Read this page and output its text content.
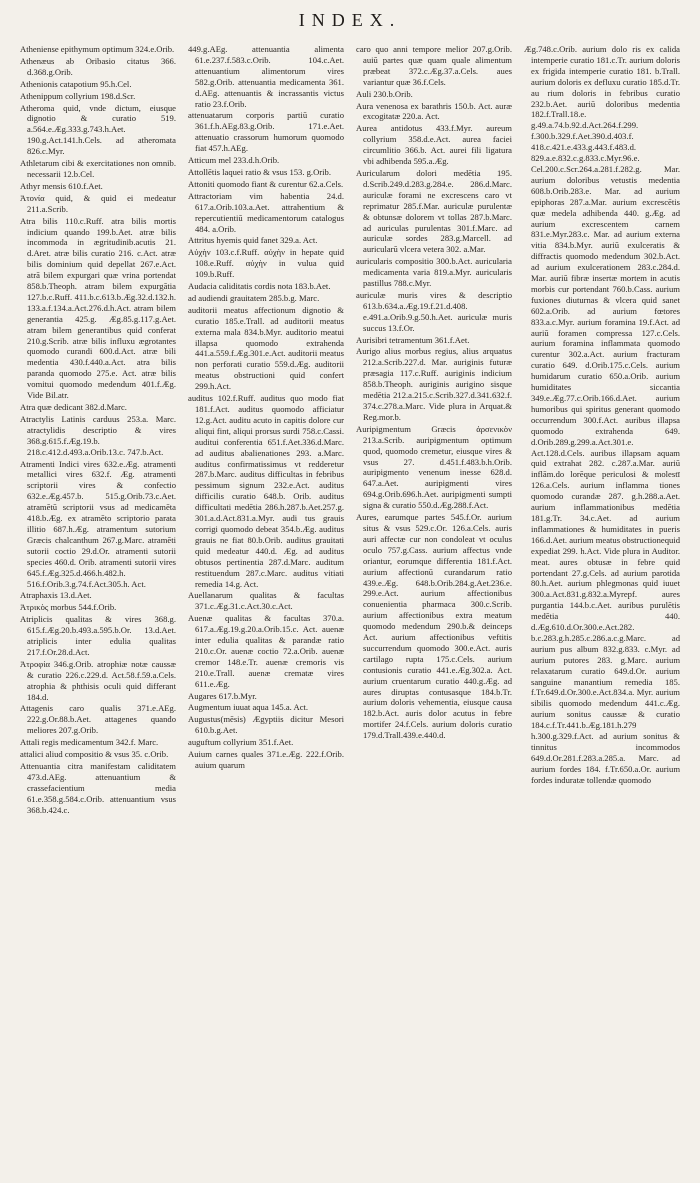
INDEX.

Atheniense epithymum optimum 324.e.Orib.

Athenæus ab Oribasio citatus 366. d.368.g.Orib.

Athenionis catapotium 95.h.Cel.

Athenippum collyrium 198.d.Scr.

Atheroma quid, vnde dictum, eiusque dignotio & curatio 519. a.564.e.Æg.333.g.743.h.Aet. 190.g.Act.141.h.Cels. ad atheromata 826.c.Myr.

Athletarum cibi & exercitationes non omnib. necessarii 12.b.Cel.

Athyr mensis 610.f.Aet.

Ἀτονία quid, & quid ei medeatur 211.a.Scrib.

Atra bilis 110.c.Ruff. atra bilis mortis indicium quando 199.b.Aet. atræ bilis incommoda in ægritudinib.acutis 21. d.Aret. atræ bilis curatio 216. c.Act. atræ bilis dominium quid depellat 267.e.Act. atrā bilem expurgari quæ vrina portendat 858.b.Theoph. atram bilem expurgātia 127.b.c.Ruff. 411.b.c.613.b.Æg.32.d.132.h. 133.a.f.134.a.Act.276.d.h.Act. atram bilem generantia 425.g. Æg.85.g.117.g.Aet. atram bilem generantibus quid conferat 210.g.Scrib. atræ bilis influxu ægrotantes quomodo curandi 600.d.Act. atræ bili medentia 430.f.440.a.Act. atra bilis paranda quomodo 275.e. Act. atræ bilis vomitui quomodo medendum 401.f.Æg. Vide Bil.atr.

Atra quæ dedicant 382.d.Marc.

Atractylis Latinis carduus 253.a. Marc. atractylidis descriptio & vires 368.g.615.f.Æg.19.b. 218.c.412.d.493.a.Orib.13.c. 747.b.Act.

Atramenti Indici vires 632.e.Æg. atramenti metallici vires 632.f. Æg. atramenti scriptorii vires & confectio 632.e.Æg.457.b. 515.g.Orib.73.c.Aet. atramētū scriptorii vsus ad medicamēta 418.b.Æg. ex atramēto scriptorio parata illitio 687.h.Æg. atramentum sutorium Græcis chalcanthum 267.g.Marc. atramēti sutorii coctio 29.d.Or. atramenti sutorii species 460.d. Orib. atramenti sutorii vires 645.f.Æg.325.d.466.h.482.h. 516.f.Orib.3.g.74.f.Act.305.h. Act.

Atraphaxis 13.d.Aet.

Ἀτρικὸς morbus 544.f.Orib.

Atriplicis qualitas & vires 368.g. 615.f.Æg.20.b.493.a.595.b.Or. 13.d.Aet. atriplicis inter edulia qualitas 217.f.Or.28.d.Act.

Ἀτροφία 346.g.Orib. atrophiæ notæ caussæ & curatio 226.c.229.d. Act.58.f.59.a.Cels. atrophia & phthisis oculi quid differant 184.d.

Attagenis caro qualis 371.e.AEg. 222.g.Or.88.b.Aet. attagenes quando meliores 207.g.Orib.

Attali regis medicamentum 342.f. Marc.

attalici aliud compositio & vsus 35. c.Orib.

Attenuantia citra manifestam caliditatem 473.d.AEg. attenuantium & crassefacientium media 61.e.358.g.584.c.Orib. attenuantium vsus 368.b.424.c.

449.g.AEg. attenuantia alimenta 61.e.237.f.583.c.Orib. 104.c.Aet. attenuantium alimentorum vires 582.g.Orib. attenuantia medicamenta 361. d.AEg. attenuantis & incrassantis victus ratio 23.f.Orib.

attenuatarum corporis partiū curatio 361.f.h.AEg.83.g.Orib. 171.e.Aet. attenuatio crassorum humorum quomodo fiat 457.h.AEg.

Atticum mel 233.d.h.Orib.

Attollētis laquei ratio & vsus 153. g.Orib.

Attoniti quomodo fiant & curentur 62.a.Cels.

Attractoriam vim habentia 24.d. 617.a.Orib.103.a.Aet. attrahentium & repercutientiū medicamentorum catalogus 484. a.Orib.

Attritus hyemis quid fanet 329.a. Act.

Αὐχὴν 103.c.f.Ruff. αὐχὴν in hepate quid 108.e.Ruff. αὐχὴν in vulua quid 109.b.Ruff.

Audacia caliditatis cordis nota 183.b.Aet.

ad audiendi grauitatem 285.b.g. Marc.

auditorii meatus affectionum dignotio & curatio 185.e.Trall. ad auditorii meatus externa mala 834.b.Myr. auditorio meatui illapsa quomodo extrahenda 441.a.559.f.Æg.301.e.Act. auditorii meatus non perforati curatio 559.d.Æg. auditorii meatus obstructioni quid confert 299.h.Act.

auditus 102.f.Ruff. auditus quo modo fiat 181.f.Act. auditus quomodo afficiatur 12.g.Act. auditu acuto in capitis dolore cur aliqui fint, aliqui prorsus surdi 758.c.Cassi. auditui conferentia 651.f.Aet.336.d.Marc. ad auditus abalienationes 293. a.Marc. auditus confirmatissimus vt redderetur 287.b.Marc. auditus difficultas in febribus pessimum signum 232.e.Act. auditus difficilis curatio 648.b. Orib. auditus difficultati medētia 286.h.287.b.Aet.257.g. 301.a.d.Act.831.a.Myr. audi tus grauis corrigi quomodo debeat 354.b.Æg. auditus grauis ne fiat 80.b.Orib. auditus grauitati quid medeatur 440.d. Æg. ad auditus obtusos pertinentia 287.d.Marc. auditum restituendum 287.c.Marc. auditus vitiati remedia 14.g. Act.

Auellanarum qualitas & facultas 371.c.Æg.31.c.Act.30.c.Act.

Auenæ qualitas & facultas 370.a. 617.a.Æg.19.g.20.a.Orib.15.c. Act. auenæ inter edulia qualitas & parandæ ratio 210.c.Or. auenæ coctio 72.a.Orib. auenæ cremor 148.e.Tr. auenæ cremoris vis 210.e.Trall. auenæ crematæ vires 611.e.Æg.

Augares 617.b.Myr.

Augmentum iuuat aqua 145.a. Act.

Augustus(mēsis) Ægyptiis dicitur Mesori 610.b.g.Aet.

auguftum collyrium 351.f.Aet.

Auium carnes quales 371.e.Æg. 222.f.Orib. auium quarum

caro quo anni tempore melior 207.g.Orib. auiū partes quæ quam quale alimentum præbeat 372.c.Æg.37.a.Cels. aues variantur quæ 36.f.Cels.

Auli 230.b.Orib.

Aura venenosa ex barathris 150.b. Act. auræ excogitatæ 220.a. Act.

Aurea antidotus 433.f.Myr. aureum collyrium 358.d.e.Act. aurea faciei circumlitio 366.b. Act. aurei fili ligatura vbi adhibenda 595.a.Æg.

Auricularum dolori medētia 195. d.Scrib.249.d.283.g.284.e. 286.d.Marc. auriculæ forami ne excrescens caro vt reprimatur 285.f.Mar. auriculæ purulentæ & obtunsæ dolorem vt tollas 287.b.Marc. ad auriculas purulentas 301.f.Marc. ad auriculæ sordes 283.g.Marcell. ad auricularū vlcera vetera 302. a.Mar.

auricularis compositio 300.b.Act. auricularia medicamenta varia 819.a.Myr. auricularis pastillus 788.c.Myr.

auriculæ muris vires & descriptio 613.b.634.a.Æg.19.f.21.d.408. e.491.a.Orib.9.g.50.h.Aet. auriculæ muris succus 13.f.Or.

Aurisibri tetramentum 361.f.Aet.

Aurigo alius morbus regius, alius arquatus 212.a.Scrib.227.d. Mar. auriginis futuræ præsagia 117.c.Ruff. auriginis indicium 858.b.Theoph. auriginis aurigino sisque medētia 212.a.215.c.Scrib.327.d.341.632.f. 374.c.278.a.Marc. Vide plura in Arquat.& Reg.mor.b.

Auripigmentum Græcis ἀρσενικὸν 213.a.Scrib. auripigmentum optimum quod, quomodo cremetur, eiusque vires & vsus 27. d.451.f.483.b.h.Orib. auripigmento venenum inesse 628.d. 647.a.Aet. auripigmenti vires 694.g.Orib.696.h.Aet. auripigmenti sumpti signa & curatio 550.d.Æg.288.f.Act.

Aures, earumque partes 545.f.Or. aurium situs & vsus 529.c.Or. 126.a.Cels. auris auri affectæ cur non condoleat vt oculus oculo 757.g.Cass. aurium affectus vnde oriantur, eorumque differentia 181.f.Act. aurium affectionū curandarum ratio 439.e.Æg. 648.b.Orib.284.g.Aet.236.e. 299.e.Act. aurium affectionibus conuenientia pharmaca 300.c.Scrib. aurium affectionibus extra meatum quomodo medendum 290.b.& deinceps Act. aurium affectionibus veftitis succurrendum quomodo 300.e.Act. auris cartilago rupta 175.c.Cels. aurium contusionis curatio 441.e.Æg.302.a. Act. aurium cruentarum curatio 440.g.Æg. ad aures diruptas contusasque 184.b.Tr. aurium doloris vehementia, eiusque causa 182.b.Act. auris dolor acutus in febre mortifer 24.f.Cels. aurium doloris curatio 179.d.Trall.439.e.440.d.

Æg.748.c.Orib. aurium dolo ris ex calida intemperie curatio 181.c.Tr. aurium doloris ex frigida intemperie curatio 181. b.Trall. aurium doloris ex defluxu curatio 185.d.Tr. au rium doloris in febribus curatio 232.b.Aet. auriū doloribus medentia 182.f.Trall.18.e. g.49.a.74.b.92.d.Act.264.f.299. f.300.b.329.f.Aet.390.d.403.f. 418.c.421.e.433.g.443.f.483.d. 829.a.e.832.c.g.833.c.Myr.96.e. Cel.200.c.Scr.264.a.281.f.282.g. Mar. aurium doloribus vetustis medentia 608.b.Orib.283.e. Mar. ad aurium epiphoras 287.a.Mar. aurium excrescētis quæ medela adhibenda 440. g.Æg. ad aurium excrescentem carnem 831.e.Myr.283.c. Mar. ad aurium externa vitia 834.b.Myr. auriū exulceratis & diffractis quomodo medendum 302.b.Act. ad aurium exulcerationem 283.c.284.d. Mar. auriū fibræ insertæ mortem in acutis morbis cur portendant 760.b.Cass. aurium fuxiones diuturnas & vlcera quid sanet 602.a.Orib. ad aurium fœtores 833.a.c.Myr. aurium foramina 19.f.Act. ad auriū foramen compressa 127.c.Cels. aurium foramina inflammata quomodo curentur 302.a.Act. aurium fracturam curatio 649. d.Orib.175.c.Cels. aurium humidarum curatio 650.a.Orib. aurium humiditates siccantia 349.e.Æg.77.c.Orib.166.d.Aet. aurium humoribus qui spiritus generant quomodo occurrendum 300.f.Act. auribus illapsa quomodo extrahenda 649. d.Orib.289.g.299.a.Act.301.e. Act.128.d.Cels. auribus illapsam aquam quid extrahat 282. c.287.a.Mar. auriū inflām.do lorēque periculosi & molestī 126.a.Cels. aurium inflamma tiones quomodo curandæ 287. g.h.288.a.Aet. aurium inflammationibus medētia 181.g.Tr. 34.c.Aet. ad aurium inflammationes & humiditates in pueris 166.d.Aet. aurium meatus obstructionequid expediat 299. h.Act. Vide plura in Auditor. meat. aures obtusæ in febre quid portendant 27.g.Cels. ad aurium parotida 80.h.Aet. aurium phlegmonas quid iuuet 300.a.Act.831.g.832.a.Myrepf. aures purgantia 144.b.c.Aet. auribus purulētis medētia 440. d.Æg.610.d.Or.300.e.Act.282. b.c.283.g.h.285.c.286.a.c.g.Marc. ad aurium pus album 832.g.833. c.Myr. ad aurium putores 283. g.Marc. aurium relaxatarum curatio 649.d.Or. aurium sanguine manantium remedia 185. f.Tr.649.d.Or.300.e.Act.834.a. Myr. aurium sibilis quomodo medendum 441.c.Æg. aurium sonitus caussæ & curatio 184.c.f.Tr.441.b.Æg.181.h.279 h.300.g.329.f.Act. ad aurium sonitus & tinnitus incommodos 649.d.Or.281.f.283.a.285.a. Marc. ad aurium fordes 184. f.Tr.650.a.Or. aurium fordes induratæ tollendæ quomodo
